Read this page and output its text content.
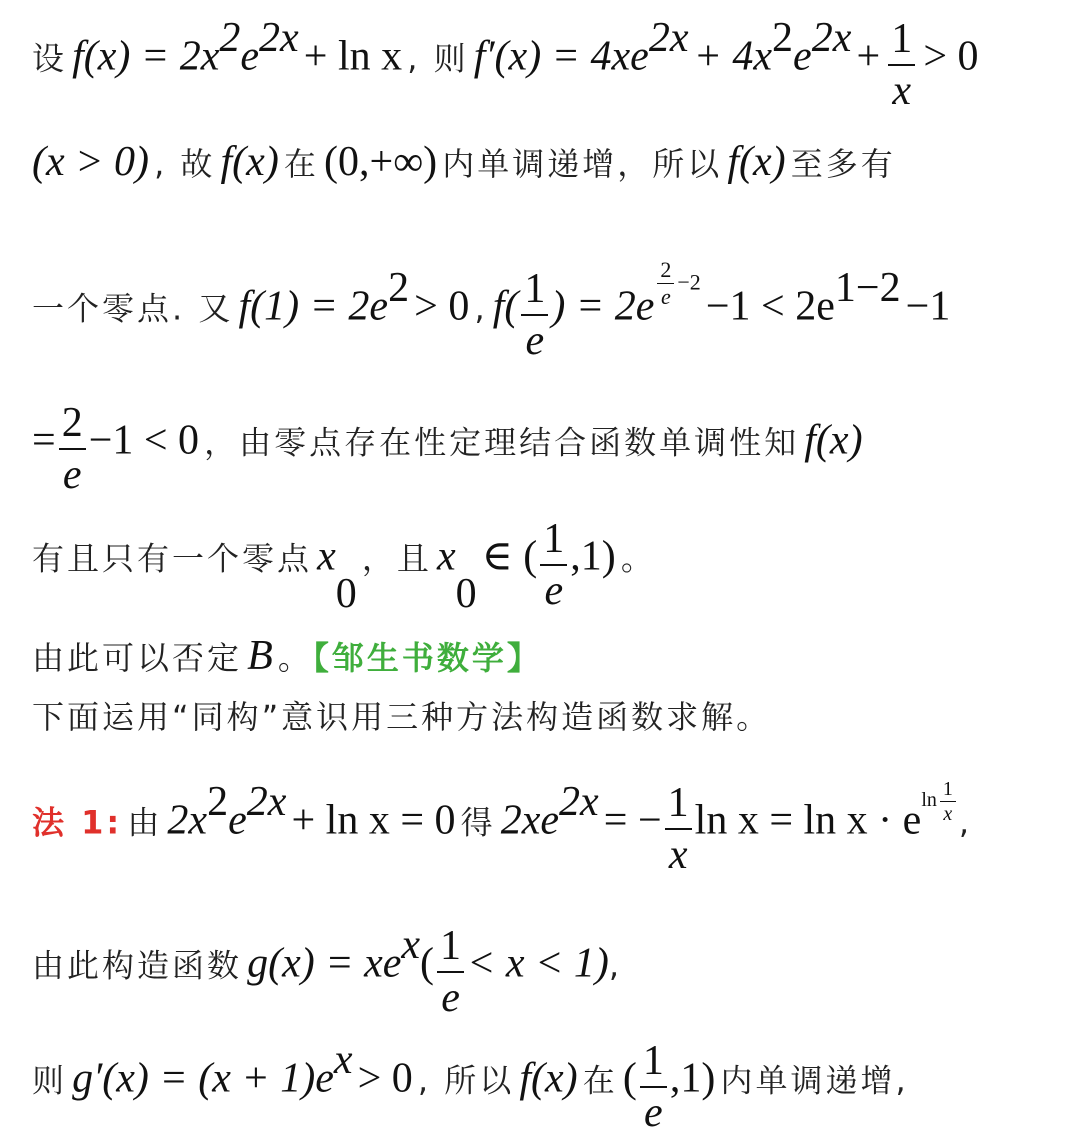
设 $f(x) = 2x^2e^{2x} + \ln x$ , 则 $f'(x) = 4xe^{2x} + 4x^2e^{2x} + \frac{1}{x} > 0$
(x > 0) , 故 f(x) 在 (0,+∞) 内单调递增，所以 f(x) 至多有
一个零点. 又 $f(1) = 2e^2 > 0$ , $f( \frac{1}{e}$ ) = $2e \frac{2}{e} -2 -1 < 2e^{1-2} -1$
= $\frac{2}{e} -1 < 0$ ，由零点存在性定理结合函数单调性知 f(x)
有且只有一个零点 $x_0$ ，且 $x_0$ ∈ ( $\frac{1}{e} ,1$) 。
由此可以否定 B 。【邹生书数学】
下面运用“同构”意识用三种方法构造函数求解。
法 1: 由 $2x^2e^{2x} + \ln x = 0$ 得 $2xe^{2x}$ = − $\frac{1}{x}$ ln x = ln x · eln $\frac{1}{x}$ ,
由此构造函数 $g(x) = xe^x( \frac{1}{e} < x < 1)$,
则 $g'(x) = (x + 1)e^x > 0$ , 所以 f(x) 在 ( $\frac{1}{e} ,1$) 内单调递增,
